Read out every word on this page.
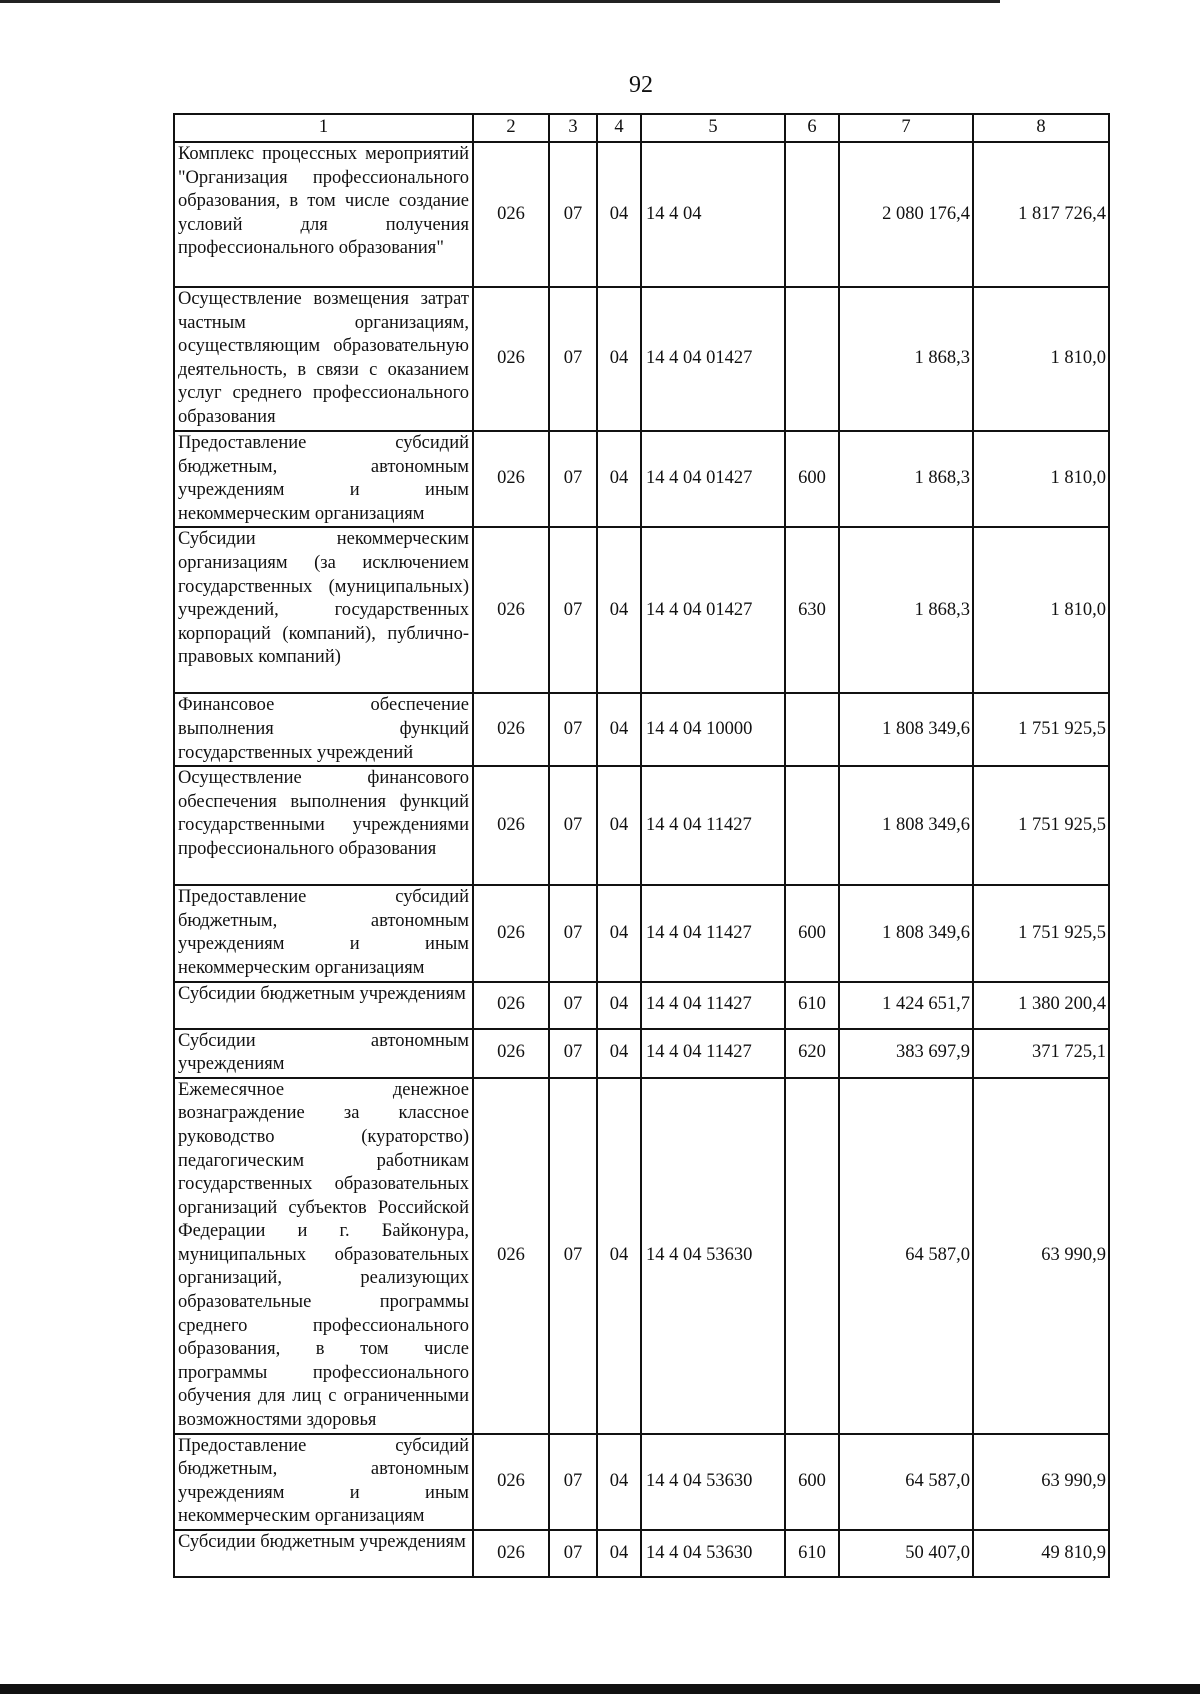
92
1	2	3	4	5	6	7	8
Комплекс процессных мероприятий "Организация профессионального образования, в том числе создание условий для получения профессионального образования"	026	07	04	14 4 04		2 080 176,4	1 817 726,4
Осуществление возмещения затрат частным организациям, осуществляющим образовательную деятельность, в связи с оказанием услуг среднего профессионального образования	026	07	04	14 4 04 01427		1 868,3	1 810,0
Предоставление субсидий бюджетным, автономным учреждениям и иным некоммерческим организациям	026	07	04	14 4 04 01427	600	1 868,3	1 810,0
Субсидии некоммерческим организациям (за исключением государственных (муниципальных) учреждений, государственных корпораций (компаний), публично-правовых компаний)	026	07	04	14 4 04 01427	630	1 868,3	1 810,0
Финансовое обеспечение выполнения функций государственных учреждений	026	07	04	14 4 04 10000		1 808 349,6	1 751 925,5
Осуществление финансового обеспечения выполнения функций государственными учреждениями профессионального образования	026	07	04	14 4 04 11427		1 808 349,6	1 751 925,5
Предоставление субсидий бюджетным, автономным учреждениям и иным некоммерческим организациям	026	07	04	14 4 04 11427	600	1 808 349,6	1 751 925,5
Субсидии бюджетным учреждениям	026	07	04	14 4 04 11427	610	1 424 651,7	1 380 200,4
Субсидии автономным учреждениям	026	07	04	14 4 04 11427	620	383 697,9	371 725,1
Ежемесячное денежное вознаграждение за классное руководство (кураторство) педагогическим работникам государственных образовательных организаций субъектов Российской Федерации и г. Байконура, муниципальных образовательных организаций, реализующих образовательные программы среднего профессионального образования, в том числе программы профессионального обучения для лиц с ограниченными возможностями здоровья	026	07	04	14 4 04 53630		64 587,0	63 990,9
Предоставление субсидий бюджетным, автономным учреждениям и иным некоммерческим организациям	026	07	04	14 4 04 53630	600	64 587,0	63 990,9
Субсидии бюджетным учреждениям	026	07	04	14 4 04 53630	610	50 407,0	49 810,9
